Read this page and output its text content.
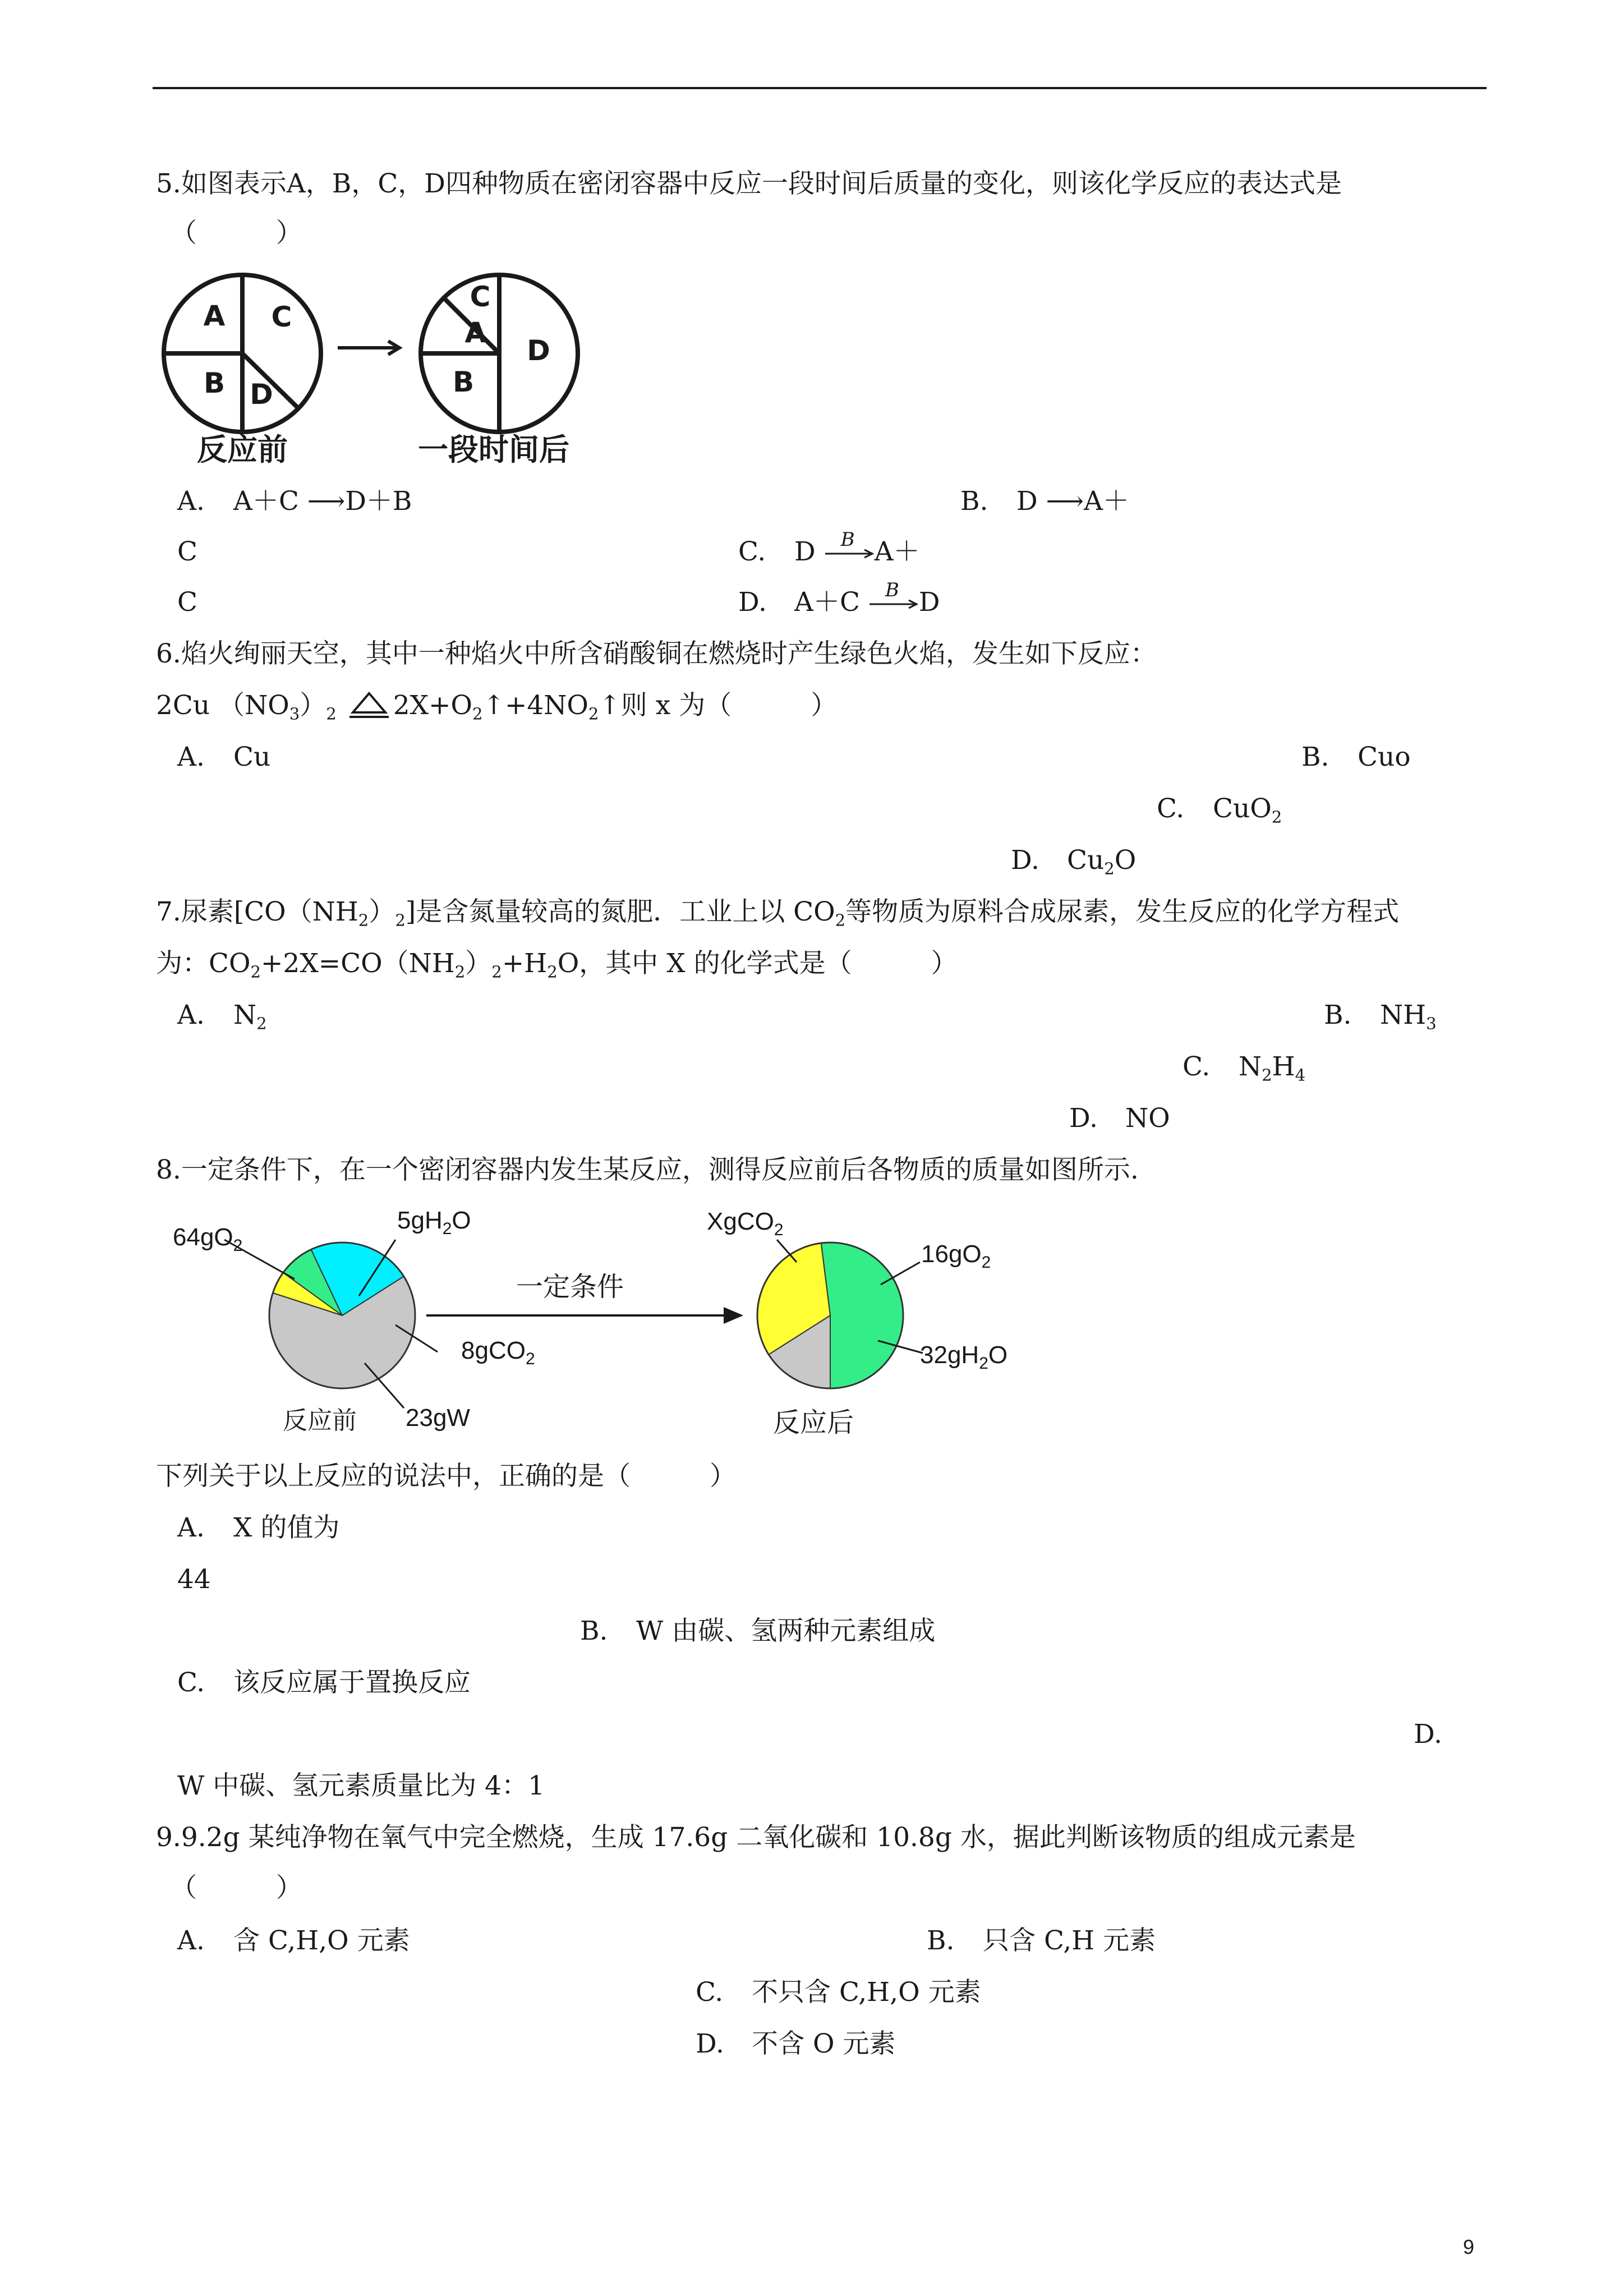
5.如图表示A，B，C，D四种物质在密闭容器中反应一段时间后质量的变化，则该化学反应的表达式是
（　　　）
A
B
C
D
A
B
C
D
反应前	一段时间后
A. A＋C ⟶D＋B	B. D ⟶A＋
C	C. D B A＋
C	D. A＋C B D
6.焰火绚丽天空，其中一种焰火中所含硝酸铜在燃烧时产生绿色火焰，发生如下反应：
2Cu $(NO_3)_2$ $2X+O_2↑+4NO_2↑$则 x 为（　　　）
A. Cu	B. Cuo
C. CuO$_2$
D. $Cu_2O$
7.尿素$[CO(NH_2)_2]$是含氮量较高的氮肥．工业上以 $CO_2$等物质为原料合成尿素，发生反应的化学方程式
为：$CO_2+2X=CO(NH_2)_2+H_2O$，其中 X 的化学式是（　　　）
A. $N_2$	B. $NH_3$
C. $N_2H_4$
D. NO
8.一定条件下，在一个密闭容器内发生某反应，测得反应前后各物质的质量如图所示.
$64gO_2$
$5gH_2O$
8gCO$_2$
23gW
反应前
一定条件
XgCO$_2$
$16gO_2$
$32gH_2O$
反应后
下列关于以上反应的说法中，正确的是（　　　）
A. X 的值为
44
B. W 由碳、氢两种元素组成
C. 该反应属于置换反应
D.
W 中碳、氢元素质量比为 4：1
9.9.2g 某纯净物在氧气中完全燃烧，生成 17.6g 二氧化碳和 10.8g 水，据此判断该物质的组成元素是
（　　　）
A. 含 C,H,O 元素	B. 只含 C,H 元素
C. 不只含 C,H,O 元素
D. 不含 O 元素
9
